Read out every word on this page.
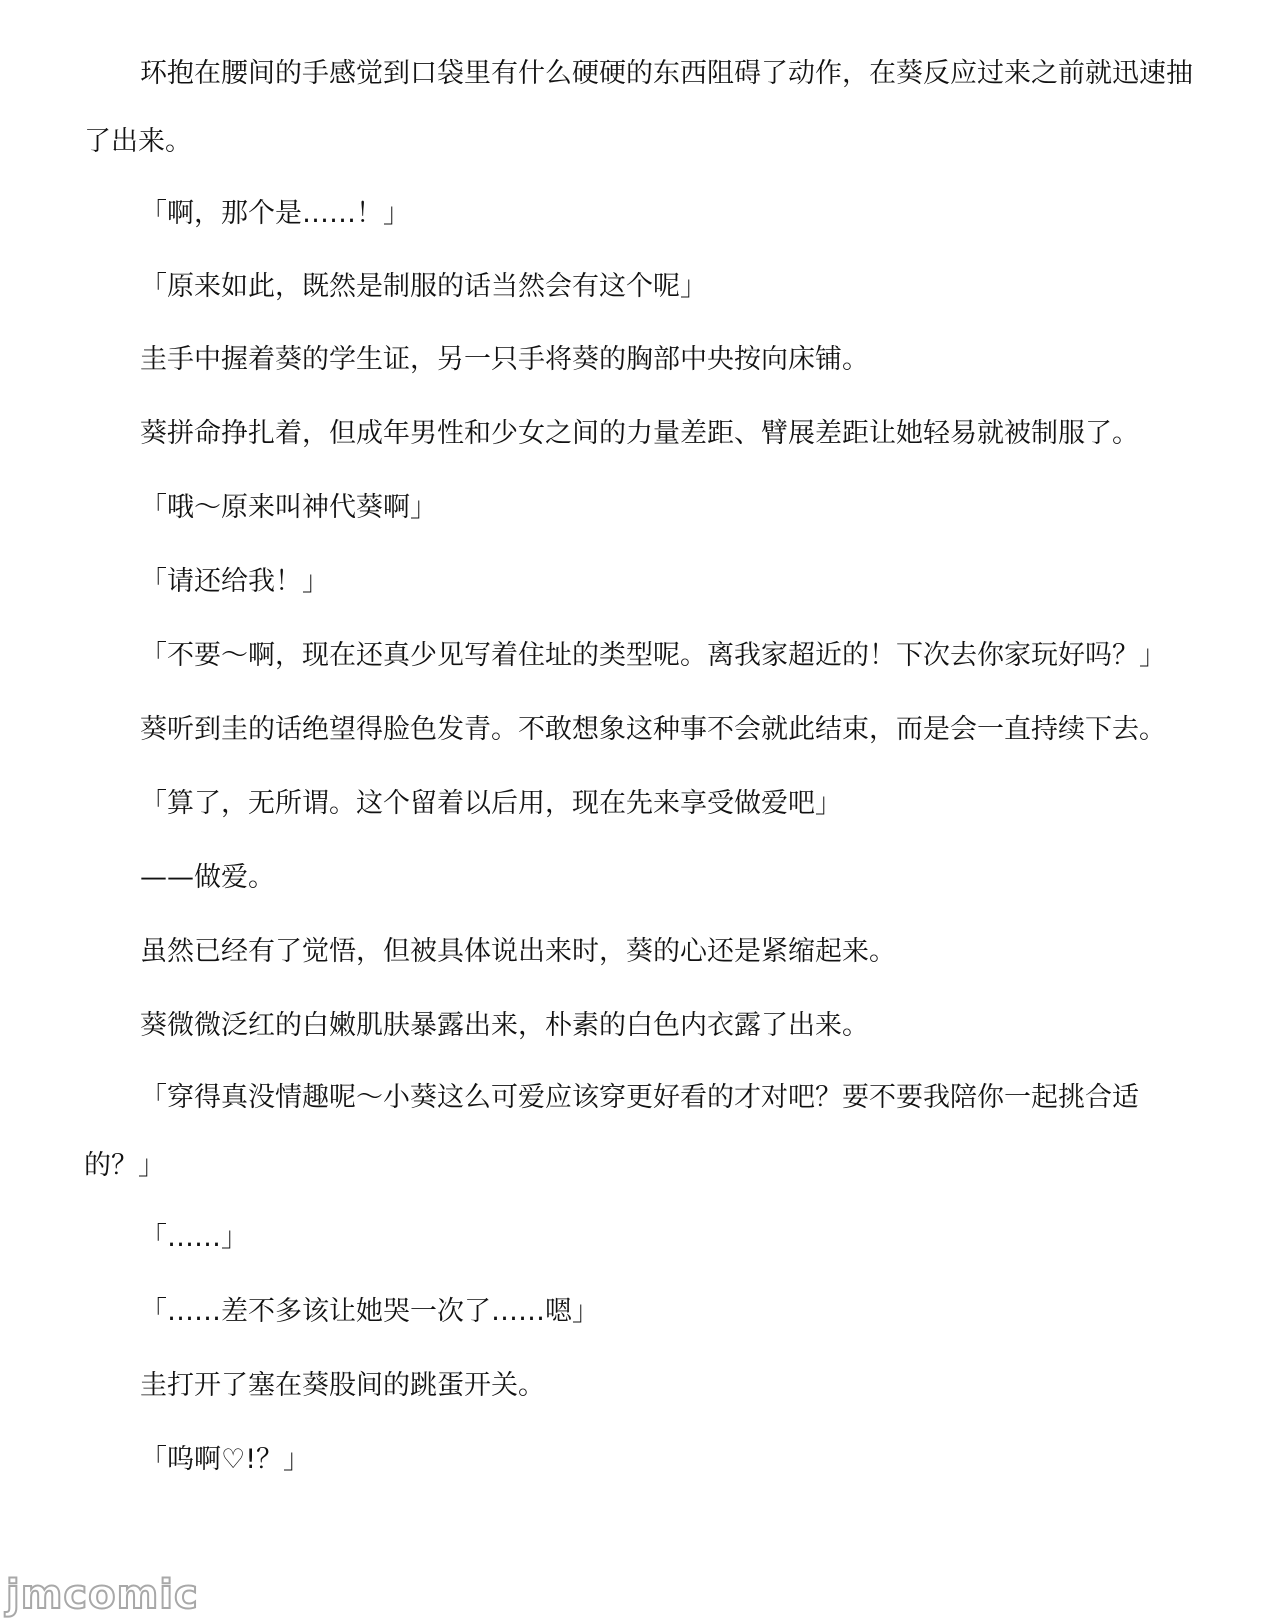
环抱在腰间的手感觉到口袋里有什么硬硬的东西阻碍了动作，在葵反应过来之前就迅速抽了出来。

「啊，那个是……！」

「原来如此，既然是制服的话当然会有这个呢」

圭手中握着葵的学生证，另一只手将葵的胸部中央按向床铺。

葵拼命挣扎着，但成年男性和少女之间的力量差距、臂展差距让她轻易就被制服了。

「哦～原来叫神代葵啊」

「请还给我！」

「不要～啊，现在还真少见写着住址的类型呢。离我家超近的！下次去你家玩好吗？」

葵听到圭的话绝望得脸色发青。不敢想象这种事不会就此结束，而是会一直持续下去。

「算了，无所谓。这个留着以后用，现在先来享受做爱吧」

——做爱。

虽然已经有了觉悟，但被具体说出来时，葵的心还是紧缩起来。

葵微微泛红的白嫩肌肤暴露出来，朴素的白色内衣露了出来。

「穿得真没情趣呢～小葵这么可爱应该穿更好看的才对吧？要不要我陪你一起挑合适的？」

「……」

「……差不多该让她哭一次了……嗯」

圭打开了塞在葵股间的跳蛋开关。

「呜啊♡!？」

jmcomic
